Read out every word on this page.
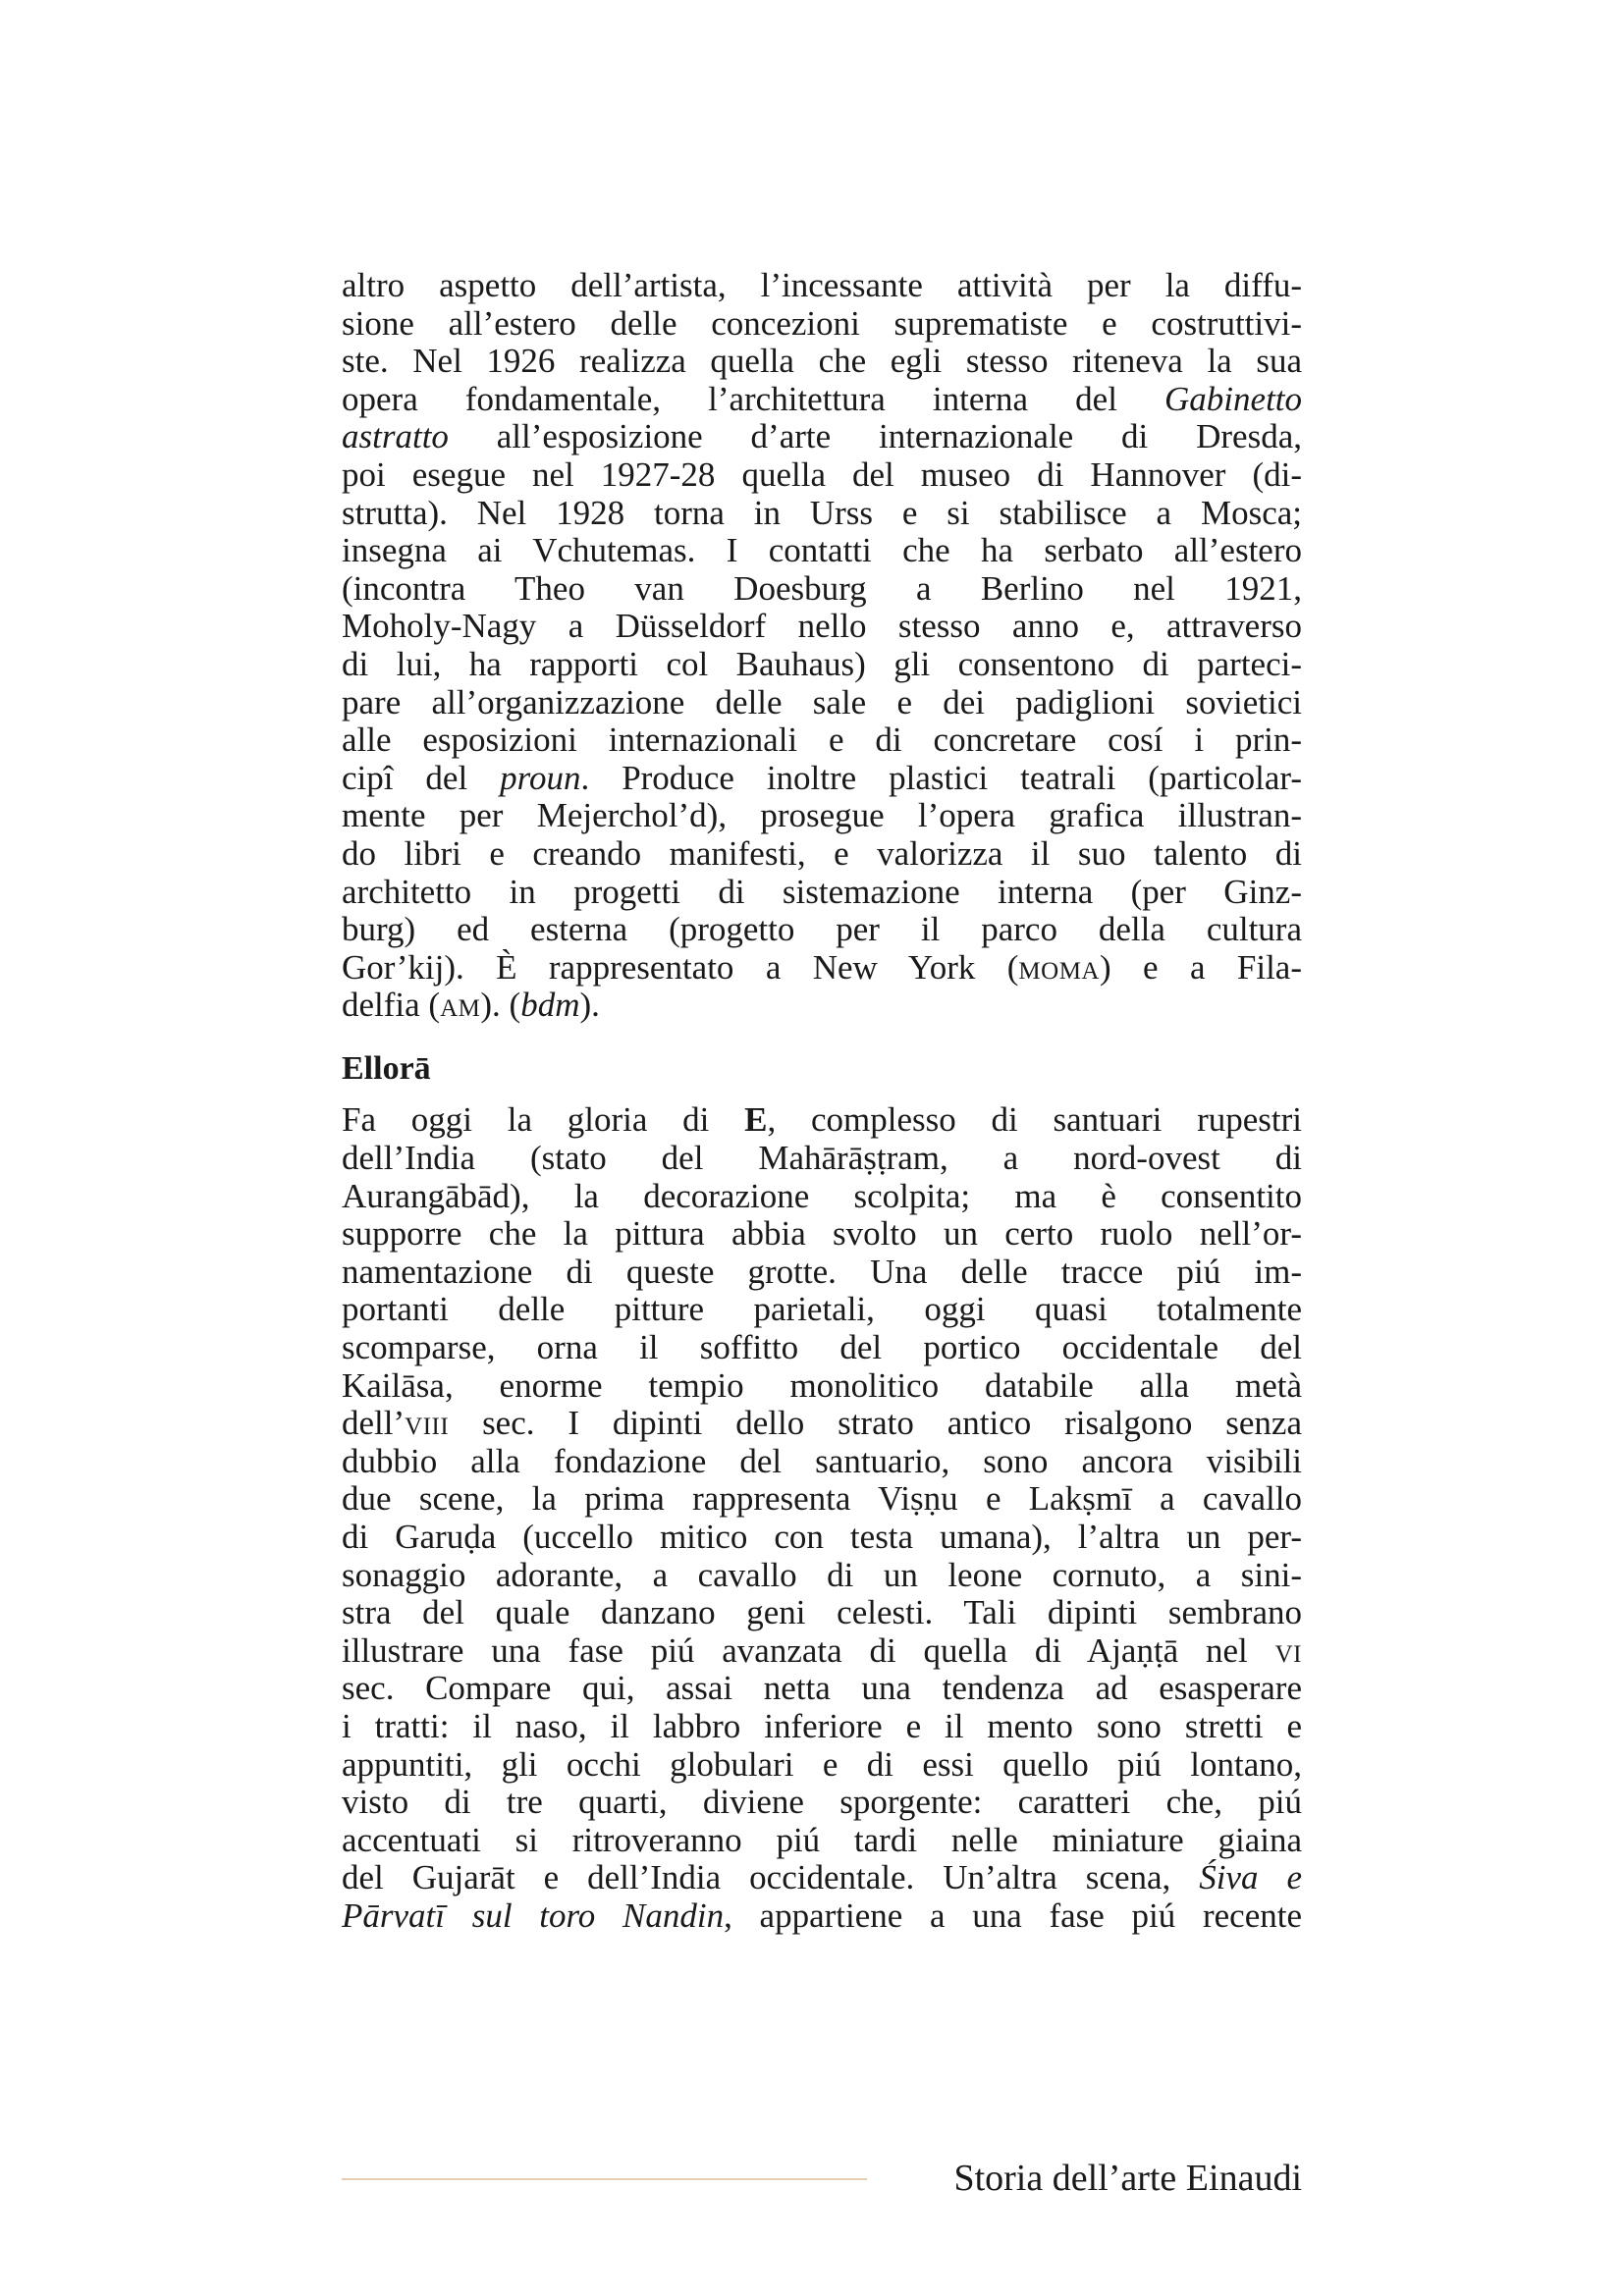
altro aspetto dell’artista, l’incessante attività per la diffu-
sione all’estero delle concezioni suprematiste e costruttivi-
ste. Nel 1926 realizza quella che egli stesso riteneva la sua
opera fondamentale, l’architettura interna del Gabinetto
astratto all’esposizione d’arte internazionale di Dresda,
poi esegue nel 1927-28 quella del museo di Hannover (di-
strutta). Nel 1928 torna in Urss e si stabilisce a Mosca;
insegna ai Vchutemas. I contatti che ha serbato all’estero
(incontra Theo van Doesburg a Berlino nel 1921,
Moholy-Nagy a Düsseldorf nello stesso anno e, attraverso
di lui, ha rapporti col Bauhaus) gli consentono di parteci-
pare all’organizzazione delle sale e dei padiglioni sovietici
alle esposizioni internazionali e di concretare cosí i prin-
cipî del proun. Produce inoltre plastici teatrali (particolar-
mente per Mejerchol’d), prosegue l’opera grafica illustran-
do libri e creando manifesti, e valorizza il suo talento di
architetto in progetti di sistemazione interna (per Ginz-
burg) ed esterna (progetto per il parco della cultura
Gor’kij). È rappresentato a New York (moma) e a Fila-
delfia (am). (bdm).
Ellorā
Fa oggi la gloria di E, complesso di santuari rupestri
dell’India (stato del Mahārāṣṭram, a nord-ovest di
Aurangābād), la decorazione scolpita; ma è consentito
supporre che la pittura abbia svolto un certo ruolo nell’or-
namentazione di queste grotte. Una delle tracce piú im-
portanti delle pitture parietali, oggi quasi totalmente
scomparse, orna il soffitto del portico occidentale del
Kailāsa, enorme tempio monolitico databile alla metà
dell’viii sec. I dipinti dello strato antico risalgono senza
dubbio alla fondazione del santuario, sono ancora visibili
due scene, la prima rappresenta Viṣṇu e Lakṣmī a cavallo
di Garuḍa (uccello mitico con testa umana), l’altra un per-
sonaggio adorante, a cavallo di un leone cornuto, a sini-
stra del quale danzano geni celesti. Tali dipinti sembrano
illustrare una fase piú avanzata di quella di Ajaṇṭā nel vi
sec. Compare qui, assai netta una tendenza ad esasperare
i tratti: il naso, il labbro inferiore e il mento sono stretti e
appuntiti, gli occhi globulari e di essi quello piú lontano,
visto di tre quarti, diviene sporgente: caratteri che, piú
accentuati si ritroveranno piú tardi nelle miniature giaina
del Gujarāt e dell’India occidentale. Un’altra scena, Śiva e
Pārvatī sul toro Nandin, appartiene a una fase piú recente
Storia dell’arte Einaudi
